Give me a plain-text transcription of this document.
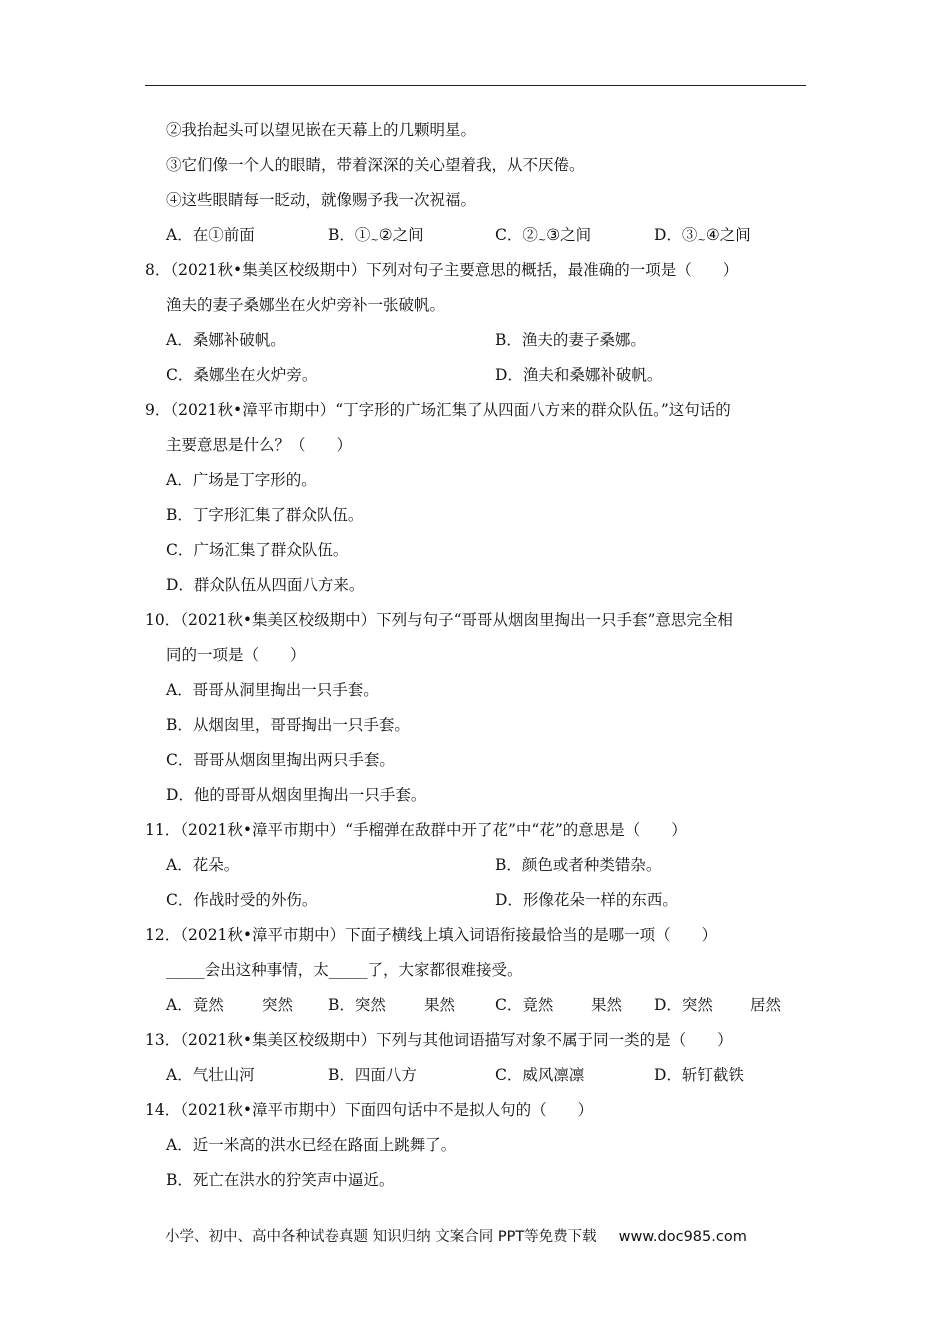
②我抬起头可以望见嵌在天幕上的几颗明星。
③它们像一个人的眼睛，带着深深的关心望着我，从不厌倦。
④这些眼睛每一眨动，就像赐予我一次祝福。
A．在①前面	B．①~②之间	C．②~③之间	D．③~④之间
8．（2021秋•集美区校级期中）下列对句子主要意思的概括，最准确的一项是（　　）
渔夫的妻子桑娜坐在火炉旁补一张破帆。
A．桑娜补破帆。	B．渔夫的妻子桑娜。
C．桑娜坐在火炉旁。	D．渔夫和桑娜补破帆。
9．（2021秋•漳平市期中）“丁字形的广场汇集了从四面八方来的群众队伍。”这句话的
主要意思是什么？（　　）
A．广场是丁字形的。
B．丁字形汇集了群众队伍。
C．广场汇集了群众队伍。
D．群众队伍从四面八方来。
10．（2021秋•集美区校级期中）下列与句子“哥哥从烟囱里掏出一只手套”意思完全相
同的一项是（　　）
A．哥哥从洞里掏出一只手套。
B．从烟囱里，哥哥掏出一只手套。
C．哥哥从烟囱里掏出两只手套。
D．他的哥哥从烟囱里掏出一只手套。
11．（2021秋•漳平市期中）“手榴弹在敌群中开了花”中“花”的意思是（　　）
A．花朵。	B．颜色或者种类错杂。
C．作战时受的外伤。	D．形像花朵一样的东西。
12．（2021秋•漳平市期中）下面子横线上填入词语衔接最恰当的是哪一项（　　）
_____会出这种事情，太_____了，大家都很难接受。
A．竟然 突然 B．突然 果然	C．竟然 果然 D．突然 居然
13．（2021秋•集美区校级期中）下列与其他词语描写对象不属于同一类的是（　　）
A．气壮山河	B．四面八方	C．威风凛凛	D．斩钉截铁
14．（2021秋•漳平市期中）下面四句话中不是拟人句的（　　）
A．近一米高的洪水已经在路面上跳舞了。
B．死亡在洪水的狞笑声中逼近。
小学、初中、高中各种试卷真题 知识归纳 文案合同 PPT等免费下载 www.doc985.com
